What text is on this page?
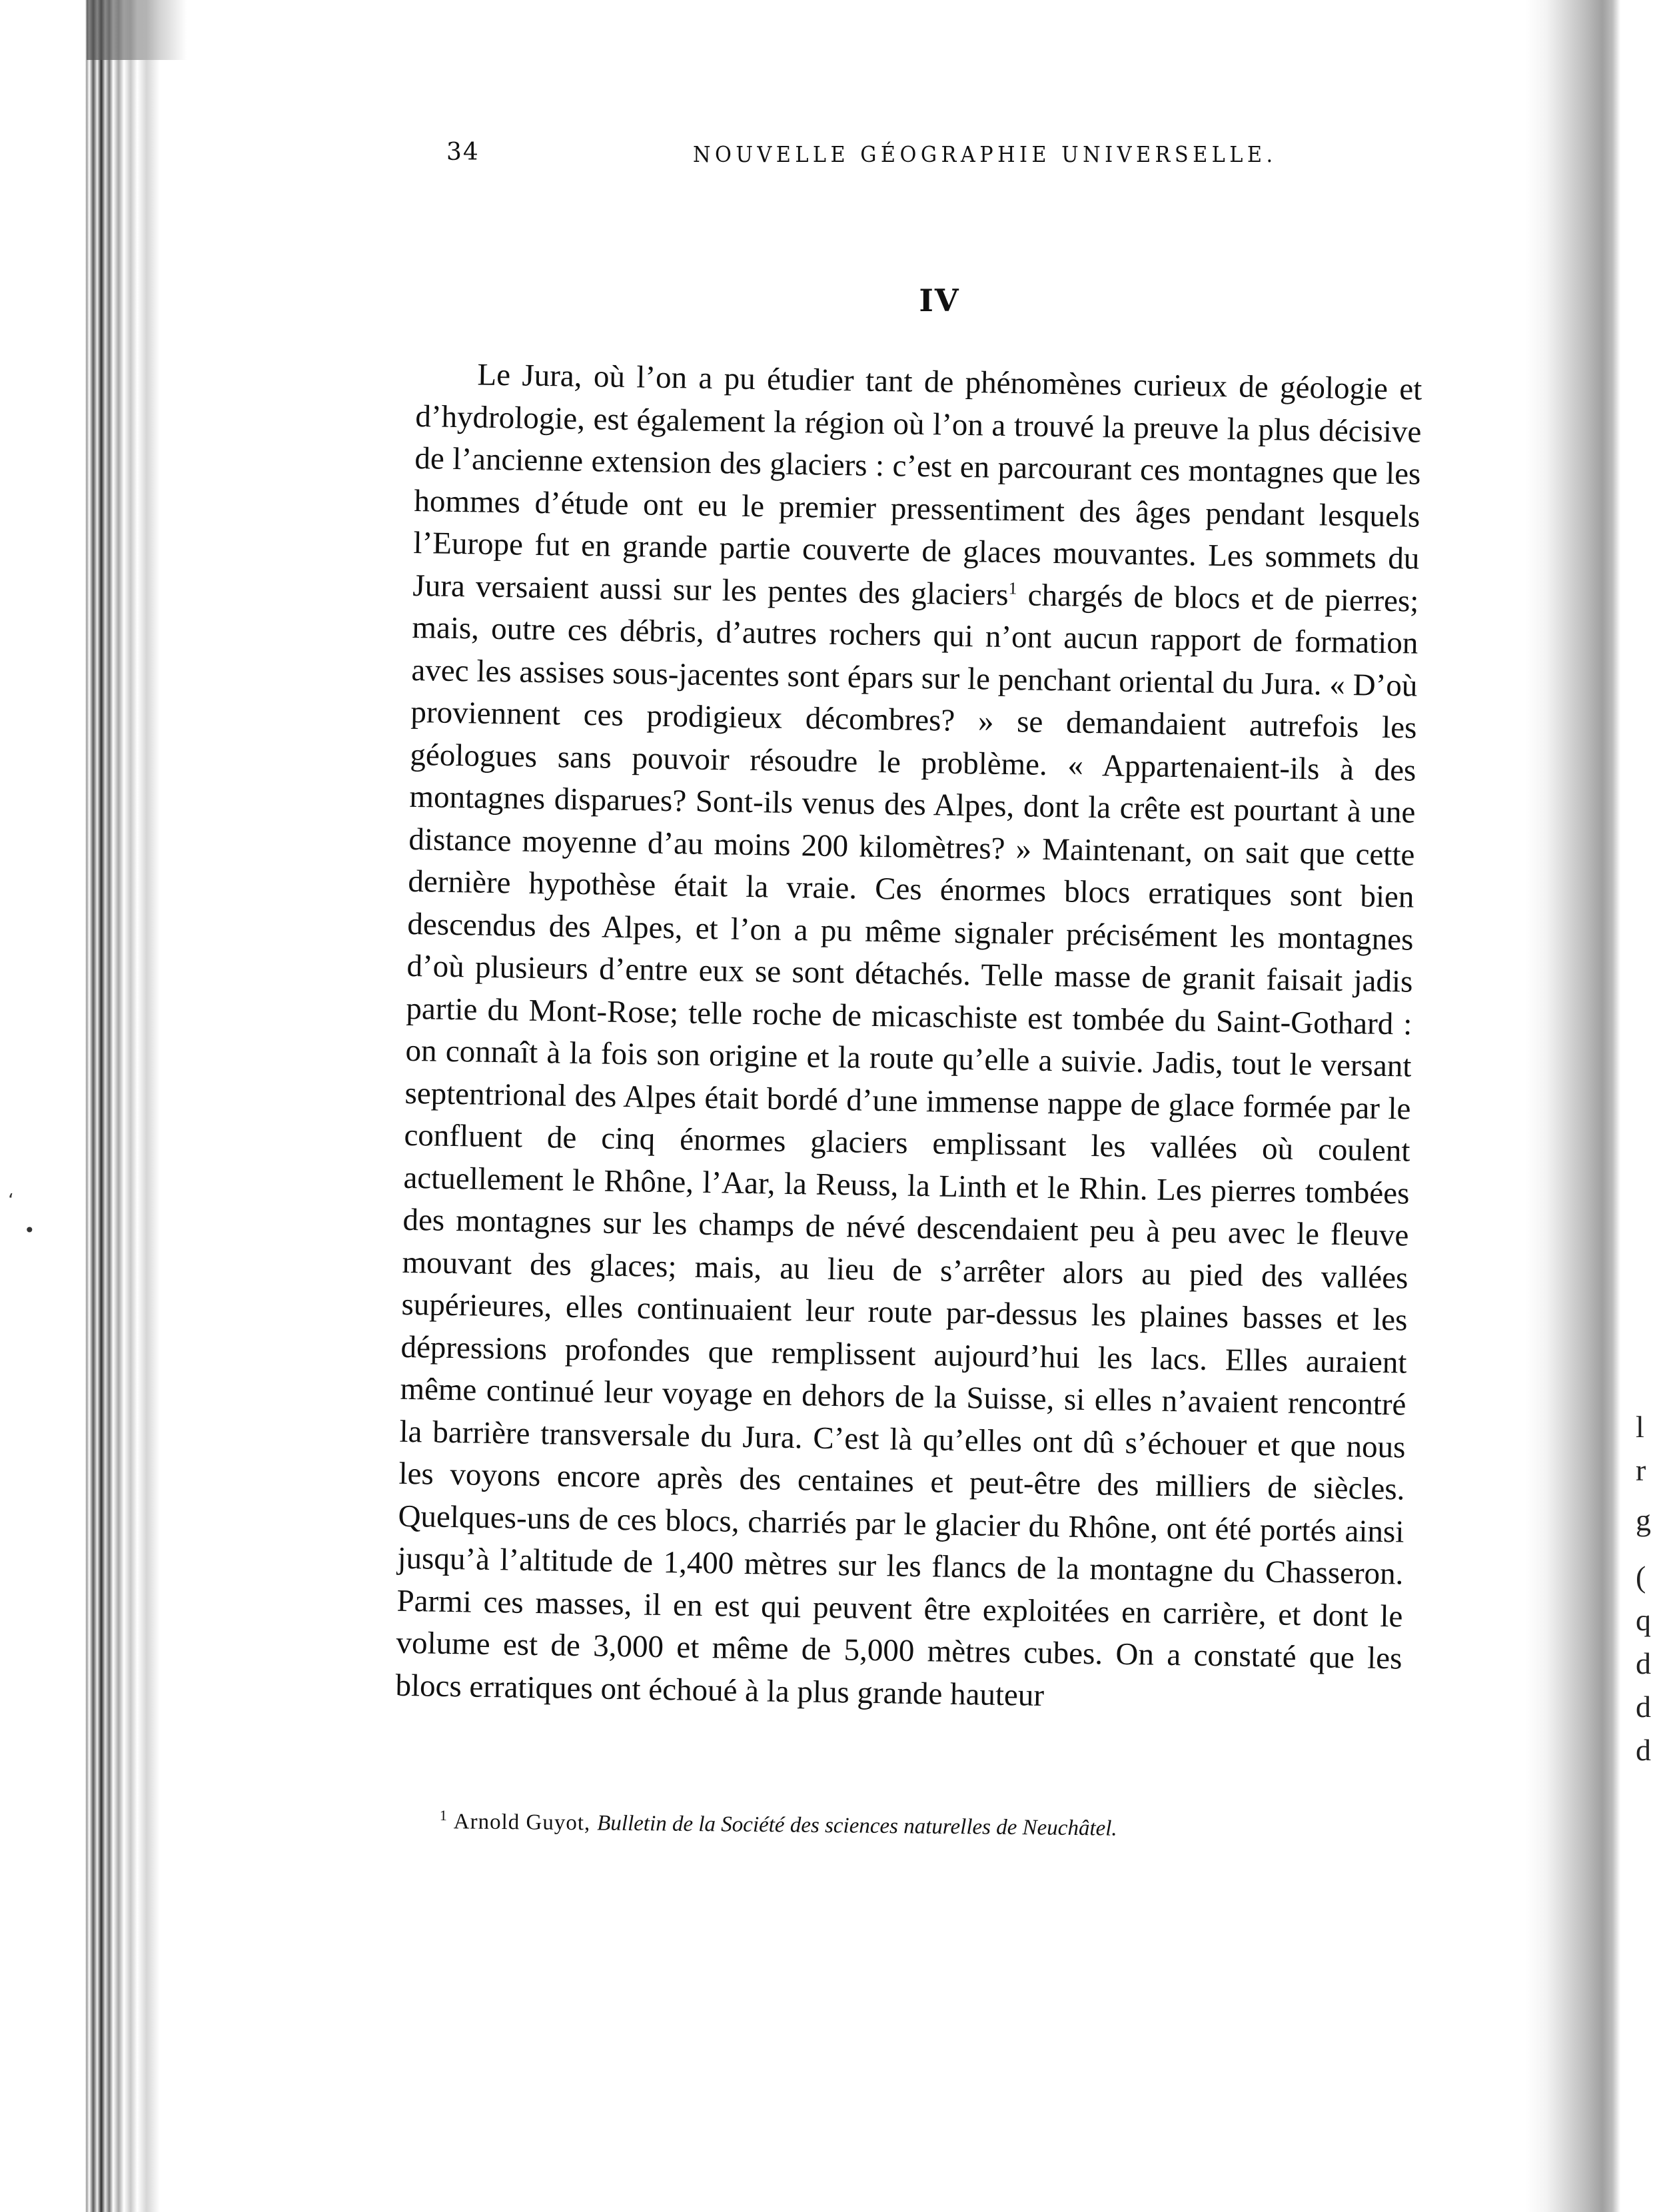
ʻ
•
l
r
g
(
q
d
d
d
34	NOUVELLE GÉOGRAPHIE UNIVERSELLE.
IV

Le Jura, où l’on a pu étudier tant de phénomènes curieux de géologie et d’hydrologie, est également la région où l’on a trouvé la preuve la plus décisive de l’ancienne extension des glaciers : c’est en parcourant ces montagnes que les hommes d’étude ont eu le premier pressentiment des âges pendant lesquels l’Europe fut en grande partie couverte de glaces mouvantes. Les sommets du Jura versaient aussi sur les pentes des glaciers$^1$ chargés de blocs et de pierres; mais, outre ces débris, d’autres rochers qui n’ont aucun rapport de formation avec les assises sous-jacentes sont épars sur le penchant oriental du Jura. « D’où proviennent ces prodigieux décombres? » se demandaient autrefois les géologues sans pouvoir résoudre le problème. « Appartenaient-ils à des montagnes disparues? Sont-ils venus des Alpes, dont la crête est pourtant à une distance moyenne d’au moins 200 kilomètres? » Maintenant, on sait que cette dernière hypothèse était la vraie. Ces énormes blocs erratiques sont bien descendus des Alpes, et l’on a pu même signaler précisément les montagnes d’où plusieurs d’entre eux se sont détachés. Telle masse de granit faisait jadis partie du Mont-Rose; telle roche de micaschiste est tombée du Saint-Gothard : on connaît à la fois son origine et la route qu’elle a suivie. Jadis, tout le versant septentrional des Alpes était bordé d’une immense nappe de glace formée par le confluent de cinq énormes glaciers emplissant les vallées où coulent actuellement le Rhône, l’Aar, la Reuss, la Linth et le Rhin. Les pierres tombées des montagnes sur les champs de névé descendaient peu à peu avec le fleuve mouvant des glaces; mais, au lieu de s’arrêter alors au pied des vallées supérieures, elles continuaient leur route par-dessus les plaines basses et les dépressions profondes que remplissent aujourd’hui les lacs. Elles auraient même continué leur voyage en dehors de la Suisse, si elles n’avaient rencontré la barrière transversale du Jura. C’est là qu’elles ont dû s’échouer et que nous les voyons encore après des centaines et peut-être des milliers de siècles. Quelques-uns de ces blocs, charriés par le glacier du Rhône, ont été portés ainsi jusqu’à l’altitude de 1,400 mètres sur les flancs de la montagne du Chasseron. Parmi ces masses, il en est qui peuvent être exploitées en carrière, et dont le volume est de 3,000 et même de 5,000 mètres cubes. On a constaté que les blocs erratiques ont échoué à la plus grande hauteur

$^1$ Arnold Guyot, Bulletin de la Société des sciences naturelles de Neuchâtel.
